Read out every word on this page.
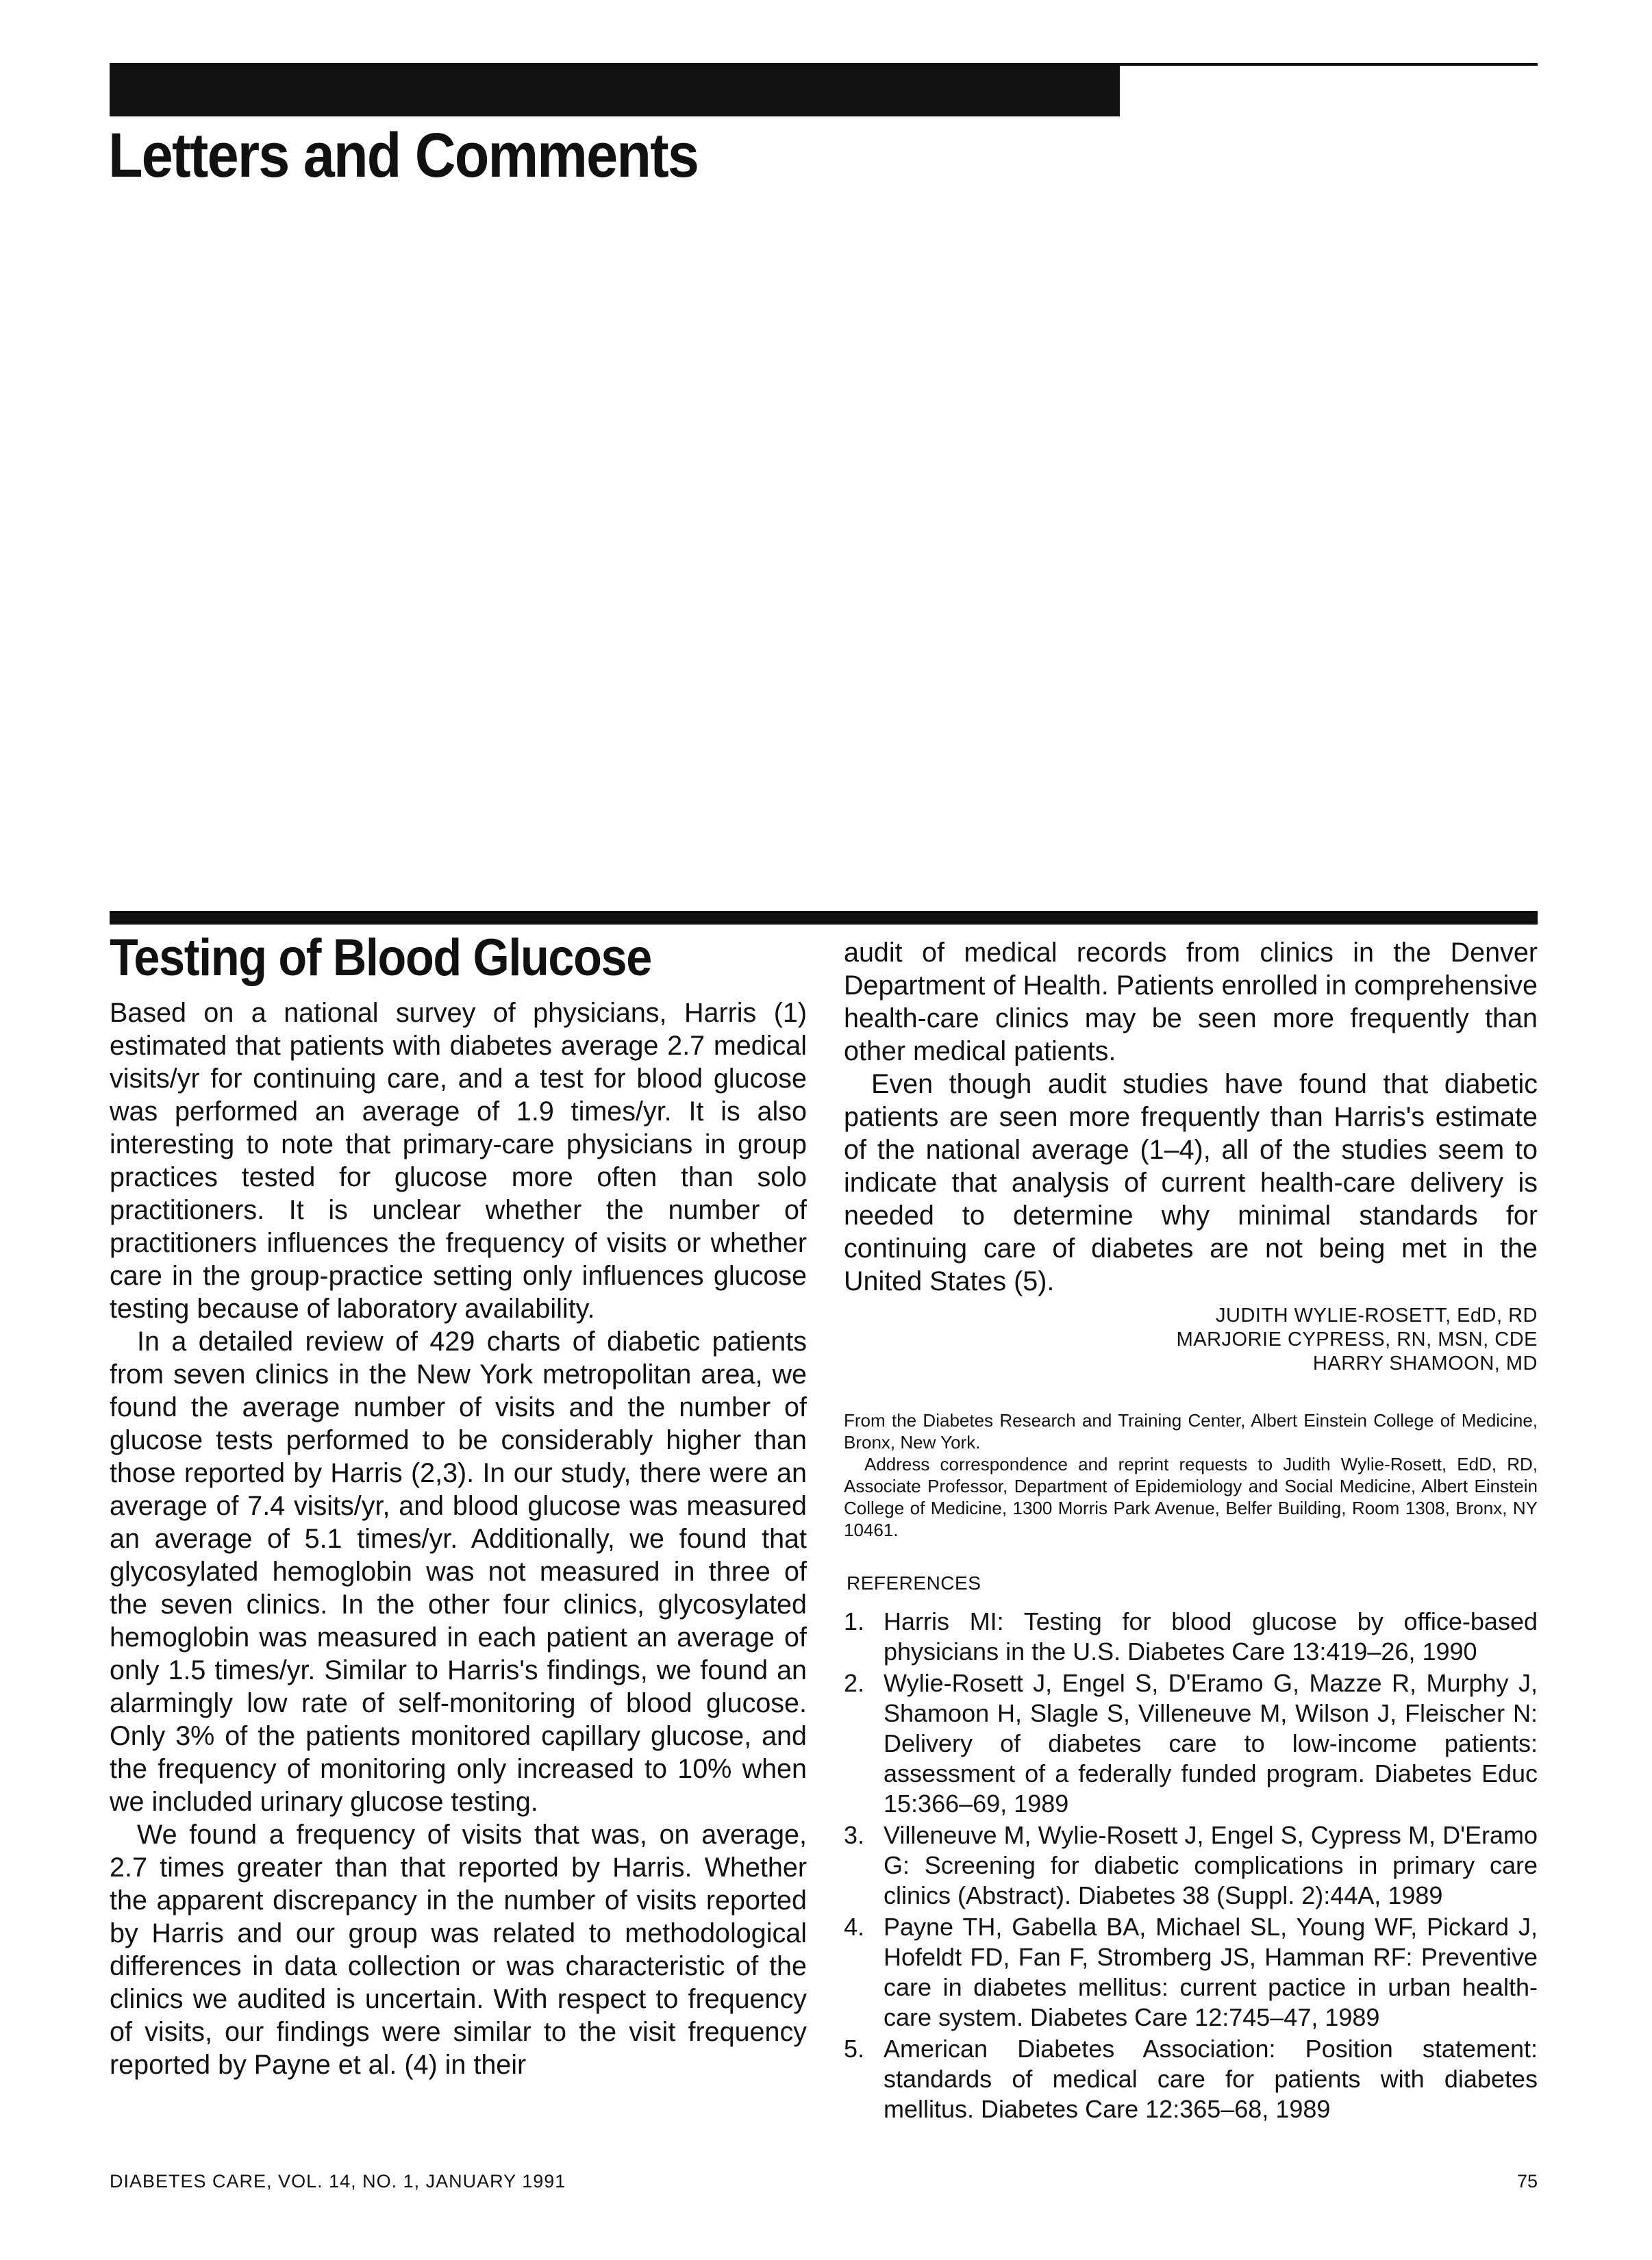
Letters and Comments
Testing of Blood Glucose

Based on a national survey of physicians, Harris (1) estimated that patients with diabetes average 2.7 medical visits/yr for continuing care, and a test for blood glucose was performed an average of 1.9 times/yr. It is also interesting to note that primary-care physicians in group practices tested for glucose more often than solo practitioners. It is unclear whether the number of practitioners influences the frequency of visits or whether care in the group-practice setting only influences glucose testing because of laboratory availability.

In a detailed review of 429 charts of diabetic patients from seven clinics in the New York metropolitan area, we found the average number of visits and the number of glucose tests performed to be considerably higher than those reported by Harris (2,3). In our study, there were an average of 7.4 visits/yr, and blood glucose was measured an average of 5.1 times/yr. Additionally, we found that glycosylated hemoglobin was not measured in three of the seven clinics. In the other four clinics, glycosylated hemoglobin was measured in each patient an average of only 1.5 times/yr. Similar to Harris's findings, we found an alarmingly low rate of self-monitoring of blood glucose. Only 3% of the patients monitored capillary glucose, and the frequency of monitoring only increased to 10% when we included urinary glucose testing.

We found a frequency of visits that was, on average, 2.7 times greater than that reported by Harris. Whether the apparent discrepancy in the number of visits reported by Harris and our group was related to methodological differences in data collection or was characteristic of the clinics we audited is uncertain. With respect to frequency of visits, our findings were similar to the visit frequency reported by Payne et al. (4) in their

audit of medical records from clinics in the Denver Department of Health. Patients enrolled in comprehensive health-care clinics may be seen more frequently than other medical patients.

Even though audit studies have found that diabetic patients are seen more frequently than Harris's estimate of the national average (1–4), all of the studies seem to indicate that analysis of current health-care delivery is needed to determine why minimal standards for continuing care of diabetes are not being met in the United States (5).

JUDITH WYLIE-ROSETT, EdD, RD
MARJORIE CYPRESS, RN, MSN, CDE
HARRY SHAMOON, MD

From the Diabetes Research and Training Center, Albert Einstein College of Medicine, Bronx, New York.

Address correspondence and reprint requests to Judith Wylie-Rosett, EdD, RD, Associate Professor, Department of Epidemiology and Social Medicine, Albert Einstein College of Medicine, 1300 Morris Park Avenue, Belfer Building, Room 1308, Bronx, NY 10461.

REFERENCES
1. Harris MI: Testing for blood glucose by office-based physicians in the U.S. Diabetes Care 13:419–26, 1990
2. Wylie-Rosett J, Engel S, D'Eramo G, Mazze R, Murphy J, Shamoon H, Slagle S, Villeneuve M, Wilson J, Fleischer N: Delivery of diabetes care to low-income patients: assessment of a federally funded program. Diabetes Educ 15:366–69, 1989
3. Villeneuve M, Wylie-Rosett J, Engel S, Cypress M, D'Eramo G: Screening for diabetic complications in primary care clinics (Abstract). Diabetes 38 (Suppl. 2):44A, 1989
4. Payne TH, Gabella BA, Michael SL, Young WF, Pickard J, Hofeldt FD, Fan F, Stromberg JS, Hamman RF: Preventive care in diabetes mellitus: current pactice in urban health-care system. Diabetes Care 12:745–47, 1989
5. American Diabetes Association: Position statement: standards of medical care for patients with diabetes mellitus. Diabetes Care 12:365–68, 1989
DIABETES CARE, VOL. 14, NO. 1, JANUARY 1991	75
